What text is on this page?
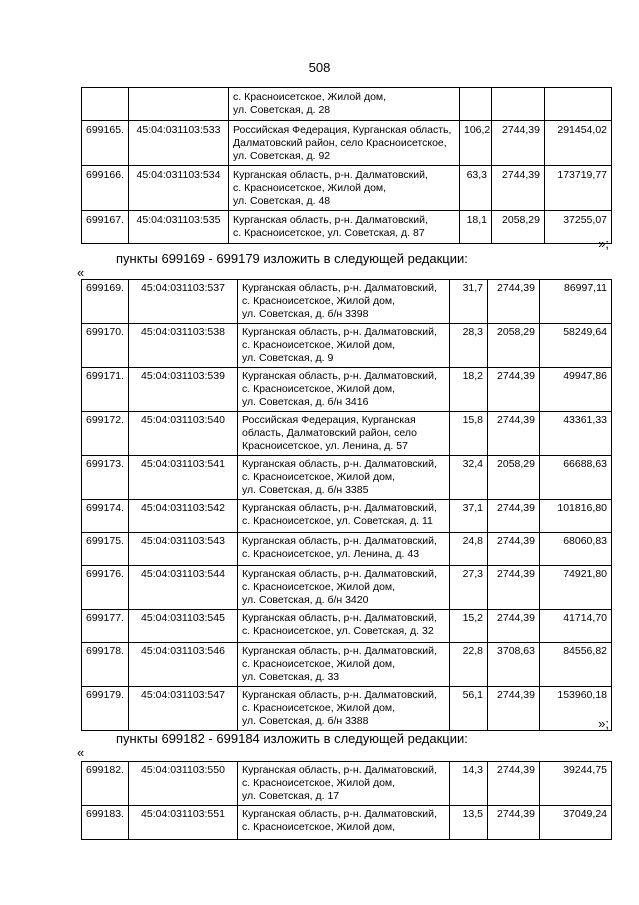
508
		с. Красноисетское, Жилой дом,
ул. Советская, д. 28			
699165.	45:04:031103:533	Российская Федерация, Курганская область,
Далматовский район, село Красноисетское,
ул. Советская, д. 92	106,2	2744,39	291454,02
699166.	45:04:031103:534	Курганская область, р-н. Далматовский,
с. Красноисетское, Жилой дом,
ул. Советская, д. 48	63,3	2744,39	173719,77
699167.	45:04:031103:535	Курганская область, р-н. Далматовский,
с. Красноисетское, ул. Советская, д. 87	18,1	2058,29	37255,07
»;
пункты 699169 - 699179 изложить в следующей редакции:
«
699169.	45:04:031103:537	Курганская область, р-н. Далматовский,
с. Красноисетское, Жилой дом,
ул. Советская, д. б/н 3398	31,7	2744,39	86997,11
699170.	45:04:031103:538	Курганская область, р-н. Далматовский,
с. Красноисетское, Жилой дом,
ул. Советская, д. 9	28,3	2058,29	58249,64
699171.	45:04:031103:539	Курганская область, р-н. Далматовский,
с. Красноисетское, Жилой дом,
ул. Советская, д. б/н 3416	18,2	2744,39	49947,86
699172.	45:04:031103:540	Российская Федерация, Курганская
область, Далматовский район, село
Красноисетское, ул. Ленина, д. 57	15,8	2744,39	43361,33
699173.	45:04:031103:541	Курганская область, р-н. Далматовский,
с. Красноисетское, Жилой дом,
ул. Советская, д. б/н 3385	32,4	2058,29	66688,63
699174.	45:04:031103:542	Курганская область, р-н. Далматовский,
с. Красноисетское, ул. Советская, д. 11	37,1	2744,39	101816,80
699175.	45:04:031103:543	Курганская область, р-н. Далматовский,
с. Красноисетское, ул. Ленина, д. 43	24,8	2744,39	68060,83
699176.	45:04:031103:544	Курганская область, р-н. Далматовский,
с. Красноисетское, Жилой дом,
ул. Советская, д. б/н 3420	27,3	2744,39	74921,80
699177.	45:04:031103:545	Курганская область, р-н. Далматовский,
с. Красноисетское, ул. Советская, д. 32	15,2	2744,39	41714,70
699178.	45:04:031103:546	Курганская область, р-н. Далматовский,
с. Красноисетское, Жилой дом,
ул. Советская, д. 33	22,8	3708,63	84556,82
699179.	45:04:031103:547	Курганская область, р-н. Далматовский,
с. Красноисетское, Жилой дом,
ул. Советская, д. б/н 3388	56,1	2744,39	153960,18
»;
пункты 699182 - 699184 изложить в следующей редакции:
«
699182.	45:04:031103:550	Курганская область, р-н. Далматовский,
с. Красноисетское, Жилой дом,
ул. Советская, д. 17	14,3	2744,39	39244,75
699183.	45:04:031103:551	Курганская область, р-н. Далматовский,
с. Красноисетское, Жилой дом,	13,5	2744,39	37049,24
